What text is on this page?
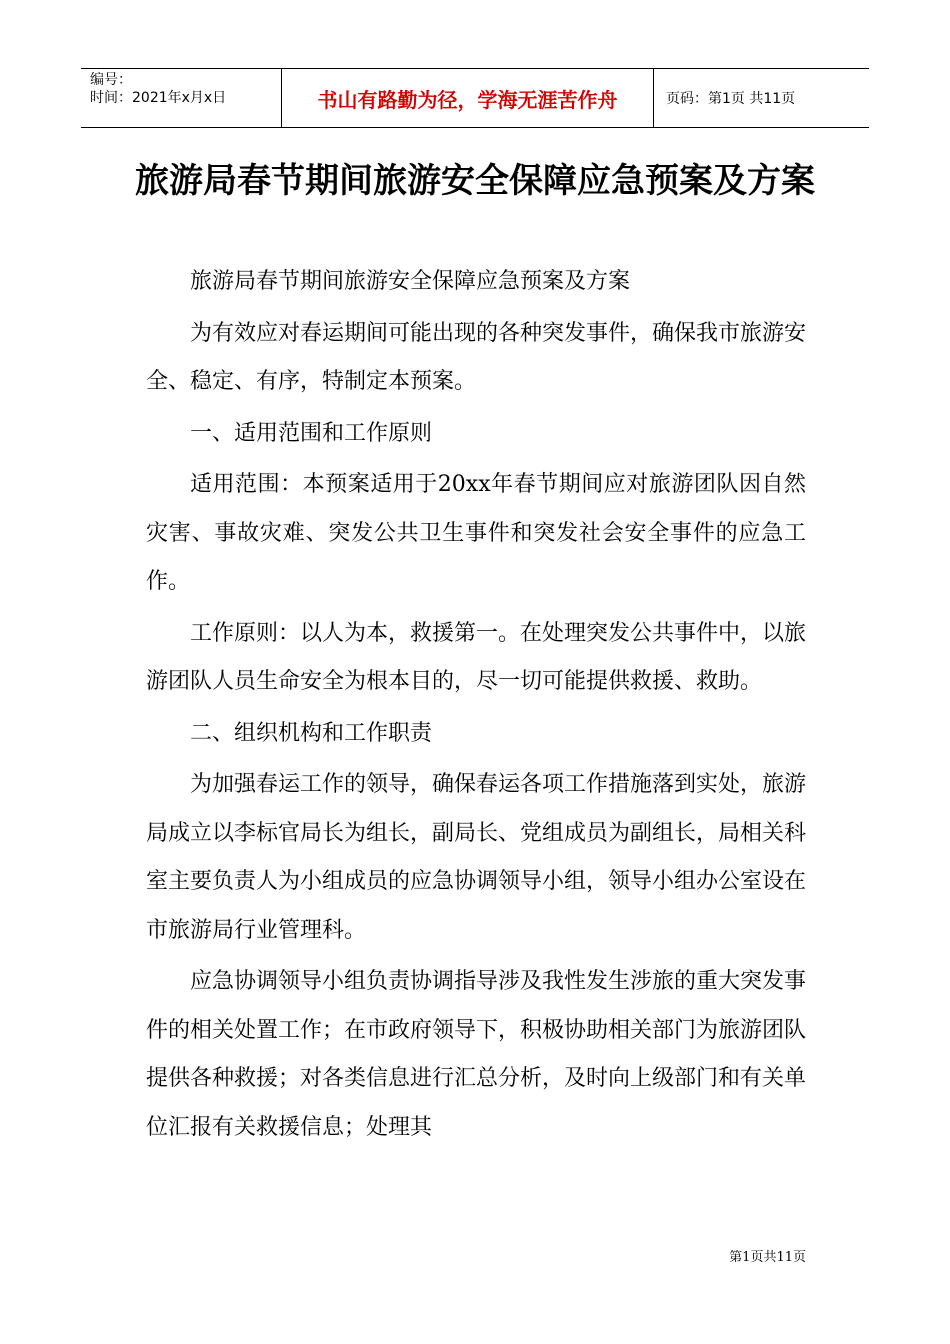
编号：
时间：2021年x月x日	书山有路勤为径，学海无涯苦作舟	页码：第1页 共11页
旅游局春节期间旅游安全保障应急预案及方案

旅游局春节期间旅游安全保障应急预案及方案

为有效应对春运期间可能出现的各种突发事件，确保我市旅游安全、稳定、有序，特制定本预案。

一、适用范围和工作原则

适用范围：本预案适用于20xx年春节期间应对旅游团队因自然灾害、事故灾难、突发公共卫生事件和突发社会安全事件的应急工作。

工作原则：以人为本，救援第一。在处理突发公共事件中，以旅游团队人员生命安全为根本目的，尽一切可能提供救援、救助。

二、组织机构和工作职责

为加强春运工作的领导，确保春运各项工作措施落到实处，旅游局成立以李标官局长为组长，副局长、党组成员为副组长，局相关科室主要负责人为小组成员的应急协调领导小组，领导小组办公室设在市旅游局行业管理科。

应急协调领导小组负责协调指导涉及我性发生涉旅的重大突发事件的相关处置工作；在市政府领导下，积极协助相关部门为旅游团队提供各种救援；对各类信息进行汇总分析，及时向上级部门和有关单位汇报有关救援信息；处理其

第1页共11页
